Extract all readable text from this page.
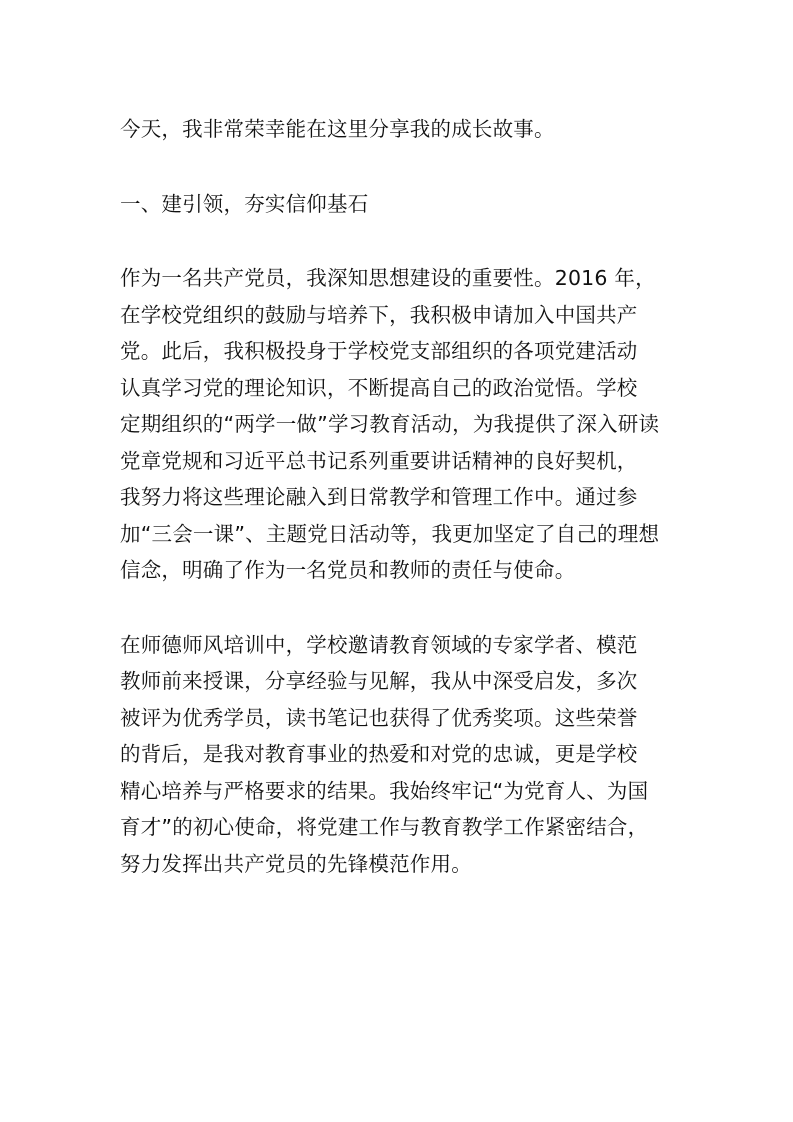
今天，我非常荣幸能在这里分享我的成长故事。

一、建引领，夯实信仰基石

作为一名共产党员，我深知思想建设的重要性。2016 年，
在学校党组织的鼓励与培养下，我积极申请加入中国共产
党。此后，我积极投身于学校党支部组织的各项党建活动
认真学习党的理论知识，不断提高自己的政治觉悟。学校
定期组织的“两学一做”学习教育活动，为我提供了深入研读
党章党规和习近平总书记系列重要讲话精神的良好契机，
我努力将这些理论融入到日常教学和管理工作中。通过参
加“三会一课”、主题党日活动等，我更加坚定了自己的理想
信念，明确了作为一名党员和教师的责任与使命。

在师德师风培训中，学校邀请教育领域的专家学者、模范
教师前来授课，分享经验与见解，我从中深受启发，多次
被评为优秀学员，读书笔记也获得了优秀奖项。这些荣誉
的背后，是我对教育事业的热爱和对党的忠诚，更是学校
精心培养与严格要求的结果。我始终牢记“为党育人、为国
育才”的初心使命，将党建工作与教育教学工作紧密结合，
努力发挥出共产党员的先锋模范作用。
